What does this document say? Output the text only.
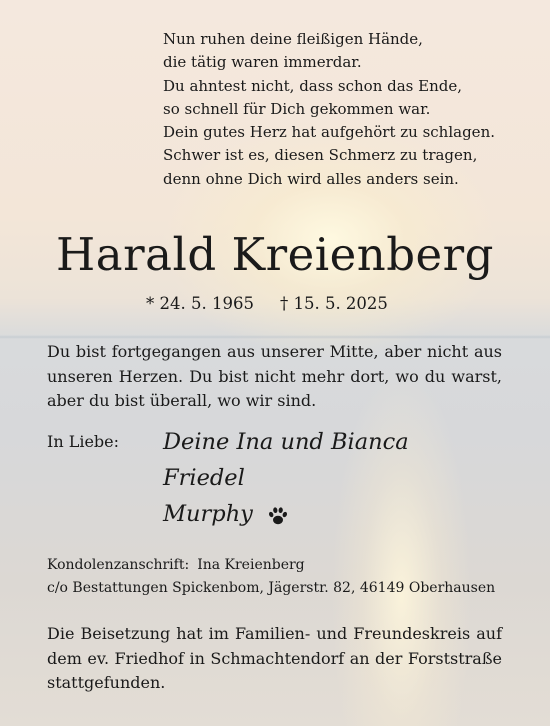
Nun ruhen deine fleißigen Hände,
die tätig waren immerdar.
Du ahntest nicht, dass schon das Ende,
so schnell für Dich gekommen war.
Dein gutes Herz hat aufgehört zu schlagen.
Schwer ist es, diesen Schmerz zu tragen,
denn ohne Dich wird alles anders sein.
Harald Kreienberg
* 24. 5. 1965 † 15. 5. 2025
Du bist fortgegangen aus unserer Mitte, aber nicht aus unseren Herzen. Du bist nicht mehr dort, wo du warst, aber du bist überall, wo wir sind.
In Liebe: Deine Ina und Bianca
Friedel
Murphy
Kondolenzanschrift: Ina Kreienberg
c/o Bestattungen Spickenbom, Jägerstr. 82, 46149 Oberhausen
Die Beisetzung hat im Familien- und Freundeskreis auf dem ev. Friedhof in Schmachtendorf an der Forststraße stattgefunden.
